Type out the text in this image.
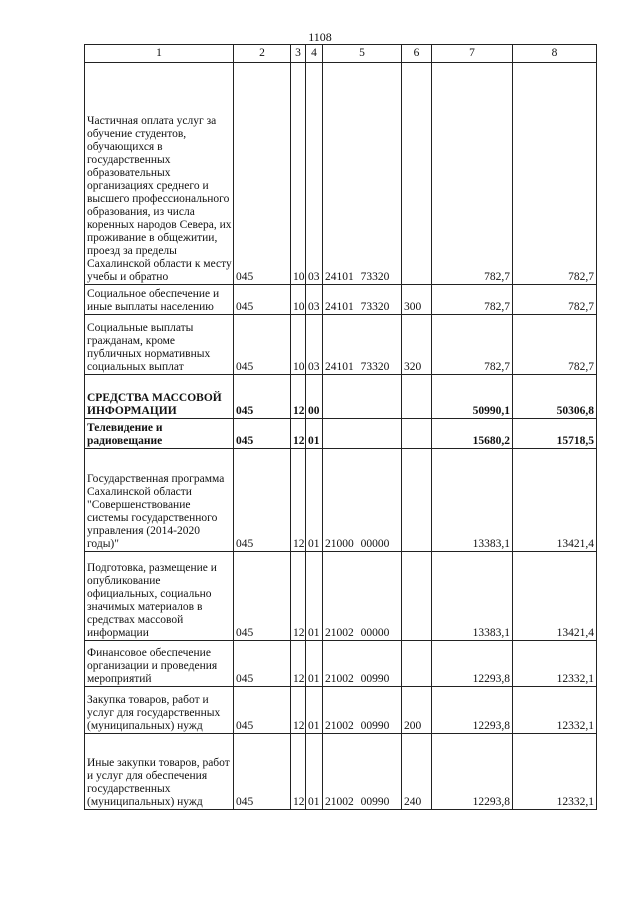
1108
1	2	3	4	5	6	7	8
Частичная оплата услуг за обучение студентов, обучающихся в государственных образовательных организациях среднего и высшего профессионального образования, из числа коренных народов Севера, их проживание в общежитии, проезд за пределы Сахалинской области к месту учебы и обратно	045	10	03	24101 73320		782,7	782,7
Социальное обеспечение и иные выплаты населению	045	10	03	24101 73320	300	782,7	782,7
Социальные выплаты гражданам, кроме публичных нормативных социальных выплат	045	10	03	24101 73320	320	782,7	782,7
СРЕДСТВА МАССОВОЙ ИНФОРМАЦИИ	045	12	00			50990,1	50306,8
Телевидение и радиовещание	045	12	01			15680,2	15718,5
Государственная программа Сахалинской области "Совершенствование системы государственного управления (2014-2020 годы)"	045	12	01	21000 00000		13383,1	13421,4
Подготовка, размещение и опубликование официальных, социально значимых материалов в средствах массовой информации	045	12	01	21002 00000		13383,1	13421,4
Финансовое обеспечение организации и проведения мероприятий	045	12	01	21002 00990		12293,8	12332,1
Закупка товаров, работ и услуг для государственных (муниципальных) нужд	045	12	01	21002 00990	200	12293,8	12332,1
Иные закупки товаров, работ и услуг для обеспечения государственных (муниципальных) нужд	045	12	01	21002 00990	240	12293,8	12332,1
